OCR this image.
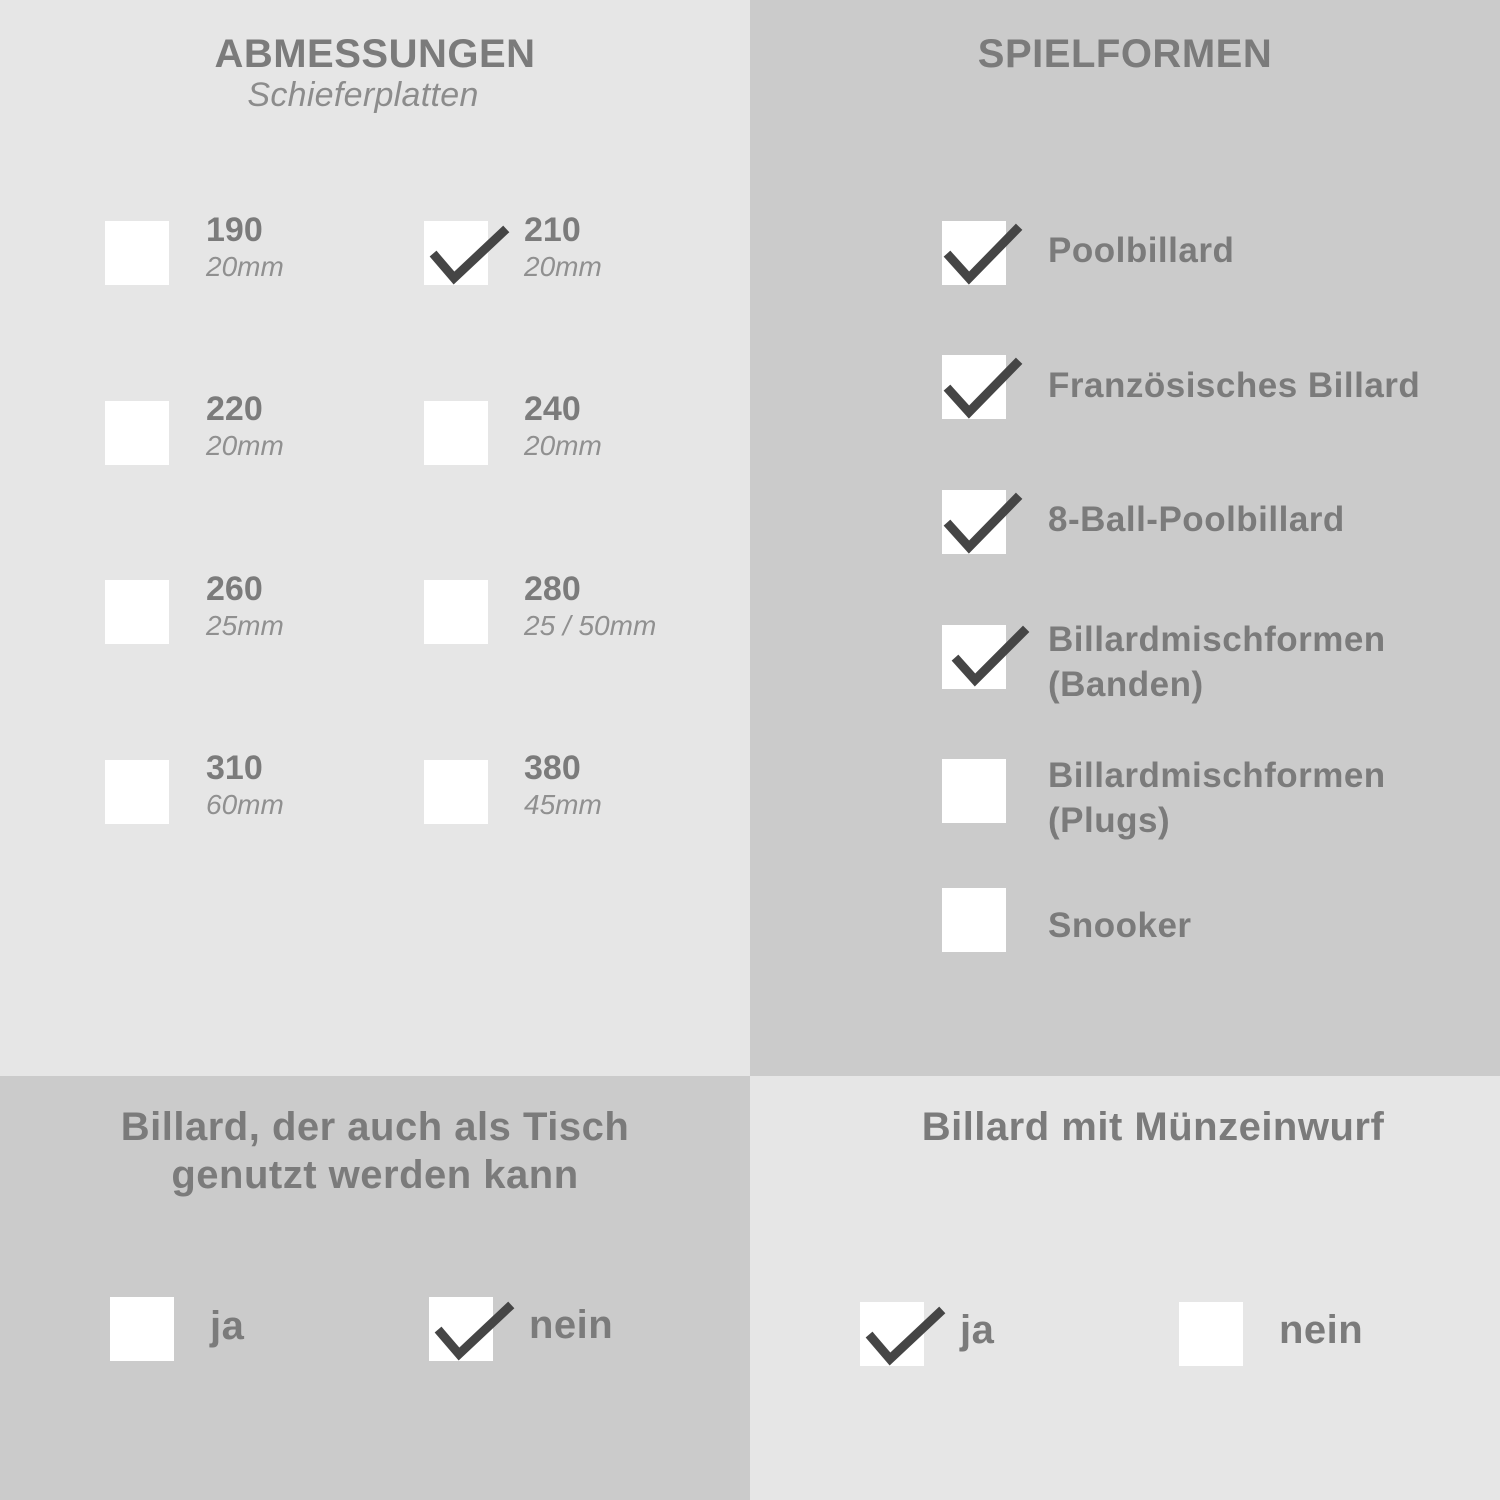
ABMESSUNGEN
Schieferplatten
190
20mm
210
20mm
220
20mm
240
20mm
260
25mm
280
25 / 50mm
310
60mm
380
45mm
SPIELFORMEN
Poolbillard
Französisches Billard
8-Ball-Poolbillard
Billardmischformen
(Banden)
Billardmischformen
(Plugs)
Snooker
Billard, der auch als Tisch
genutzt werden kann
ja	nein
Billard mit Münzeinwurf
ja	nein
